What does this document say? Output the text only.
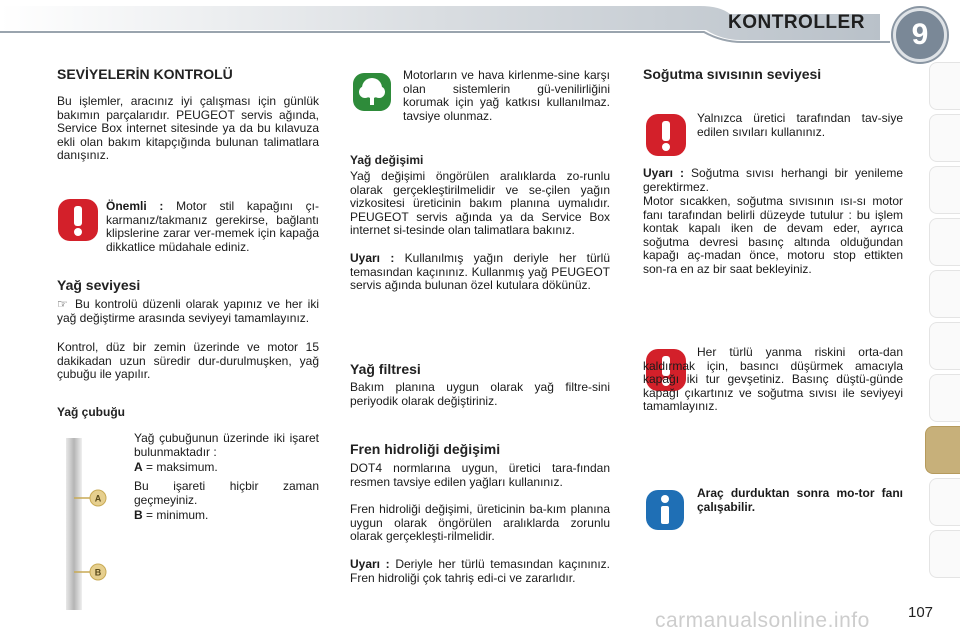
KONTROLLER	9
SEVİYELERİN KONTROLÜ

Bu işlemler, aracınız iyi çalışması için günlük bakımın parçalarıdır. PEUGEOT servis ağında, Service Box internet sitesinde ya da bu kılavuza ekli olan bakım kitapçığında bulunan talimatlara danışınız.

Önemli : Motor stil kapağını çı-karmanız/takmanız gerekirse, bağlantı klipslerine zarar ver-memek için kapağa dikkatlice müdahale ediniz.

Yağ seviyesi

☞ Bu kontrolü düzenli olarak yapınız ve her iki yağ değiştirme arasında seviyeyi tamamlayınız.

Kontrol, düz bir zemin üzerinde ve motor 15 dakikadan uzun süredir dur-durulmuşken, yağ çubuğu ile yapılır.

Yağ çubuğu

Yağ çubuğunun üzerinde iki işaret bulunmaktadır :

A = maksimum.

Bu işareti hiçbir zaman geçmeyiniz.

B = minimum.

A
B

Motorların ve hava kirlenme-sine karşı olan sistemlerin gü-venilirliğini korumak için yağ katkısı kullanılmaz. tavsiye olunmaz.

Yağ değişimi

Yağ değişimi öngörülen aralıklarda zo-runlu olarak gerçekleştirilmelidir ve se-çilen yağın vizkositesi üreticinin bakım planına uymalıdır. PEUGEOT servis ağında ya da Service Box internet si-tesinde olan talimatlara bakınız.

Uyarı : Kullanılmış yağın deriyle her türlü temasından kaçınınız. Kullanmış yağ PEUGEOT servis ağında bulunan özel kutulara dökünüz.

Yağ filtresi

Bakım planına uygun olarak yağ filtre-sini periyodik olarak değiştiriniz.

Fren hidroliği değişimi

DOT4 normlarına uygun, üretici tara-fından resmen tavsiye edilen yağları kullanınız.

Fren hidroliği değişimi, üreticinin ba-kım planına uygun olarak öngörülen aralıklarda zorunlu olarak gerçekleşti-rilmelidir.

Uyarı : Deriyle her türlü temasından kaçınınız. Fren hidroliği çok tahriş edi-ci ve zararlıdır.

Soğutma sıvısının seviyesi

Yalnızca üretici tarafından tav-siye edilen sıvıları kullanınız.

Uyarı : Soğutma sıvısı herhangi bir yenileme gerektirmez.

Motor sıcakken, soğutma sıvısının ısı-sı motor fanı tarafından belirli düzeyde tutulur : bu işlem kontak kapalı iken de devam eder, ayrıca soğutma devresi basınç altında olduğundan kapağı aç-madan önce, motoru stop ettikten son-ra en az bir saat bekleyiniz.

Her türlü yanma riskini orta-dan kaldırmak için, basıncı düşürmek amacıyla kapağı iki tur gevşetiniz. Basınç düştü-günde kapağı çıkartınız ve soğutma sıvısı ile seviyeyi tamamlayınız.

Araç durduktan sonra mo-tor fanı çalışabilir.

carmanualsonline.info	107
